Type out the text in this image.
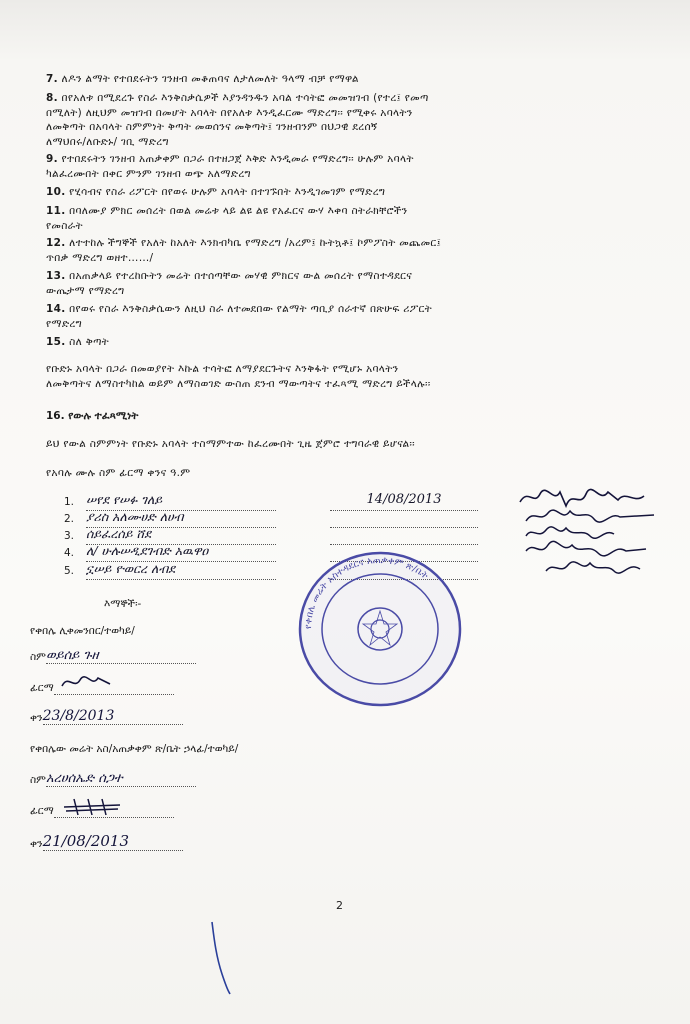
7. ለዶን ልማት የተበደሩትን ገንዘብ መቆጠባና ለታለመለት ዓላማ ብቻ የማዋል
8. በየአለቱ በሚደረጉ የስራ እንቅስቃሴዎች እያንዳንዱን አባል ተሳትፎ መመዝገብ (የተረ፤ የመጣ
በሚለት) ለዚህም መዝገብ በመሆት አባላት በየአለቱ እንዲፈርሙ ማድረግ፡፡ የሚቀሩ አባላትን
ለመቅጣት በአባላት ስምምነት ቅጣት መወሰንና መቅጣት፤ ገንዘብንም በህጋዊ ደረሰኝ
ለማህበሩ/ለቡድኑ/ ገቢ ማድረግ
9. የተበደሩትን ገንዘብ አጠቃቀም በጋራ በተዘጋጀ እቅድ እንዲመራ የማድረግ፡፡ ሁሉም አባላት
ካልፈረሙበት በቀር ምንም ገንዘብ ወጭ አለማድረግ
10. የሂሳብና የስራ ሪፖርት በየወሩ ሁሉም አባላት በተገኙበት እንዲገመገም የማድረግ
11. በባለሙያ ምክር መሰረት በወል መሬቱ ላይ ልዩ ልዩ የአፈርና ውሃ እቀባ ስትራክቸሮችን
የመስራት
12. ለተተከሉ ችግኞች የአለት ከአለት እንክብካቤ የማድረግ /አረም፤ ኩትኳቶ፤ ኮምፖስት መጨመር፤
ጥበቃ ማድረግ ወዘተ……/
13. በአጠቃላይ የተረከቡትን መሬት በተሰጣቸው መሃዊ ምክርና ውል መሰረት የማስተዳደርና
ውጤታማ የማድረግ
14. በየወሩ የስራ እንቅስቃሴውን ለዚህ ስራ ለተመደበው የልማት ጣቢያ ሰራተኛ በጽሁፍ ሪፖርት
የማድረግ
15. ስለ ቅጣት
የቡድኑ አባላት በጋራ በመወያየት እኩል ተሳትፎ ለማያደርጉትና እንቅፋት የሚሆኑ አባላትን
ለመቅጣትና ለማስተካከል ወይም ለማስወገድ ውስጠ ደንብ ማውጣትና ተፈጻሚ ማድረግ ይችላሉ፡፡
16. የውሉ ተፈጻሚነት
ይህ የውል ስምምነት የቡድኑ አባላት ተስማምተው ከፈረሙበት ጊዜ ጀምሮ ተግባራዊ ይሆናል፡፡
የአባሉ ሙሉ ስም ፊርማ ቀንና ዓ.ም
1. ሠየደ የሠፉ ገለይ	14/08/2013
2. ያሪስ አለሙሀድ ለሀብ
3. ሰይፈረሰይ ሸደ
4. ለ/ ሁሉሠዲደገብድ አዉዋዐ
5. ኗሠይ ዮወርረ ለብደ
እማኞች፡-
የቀበሌ ሊቀመንበር/ተወካይ/
ስምወይሰይ ጉዘ
ፊርማ
ቀን23/8/2013
የቀበሌው መሬት አስ/አጠቃቀም ጽ/ቤት ኃላፊ/ተወካይ/
ስምአረሀሰኤድ ሰጋተ
ፊርማ
ቀን21/08/2013
የቀበሌ መሬት አስተዳደርና አጠቃቀም ጽ/ቤት
2
